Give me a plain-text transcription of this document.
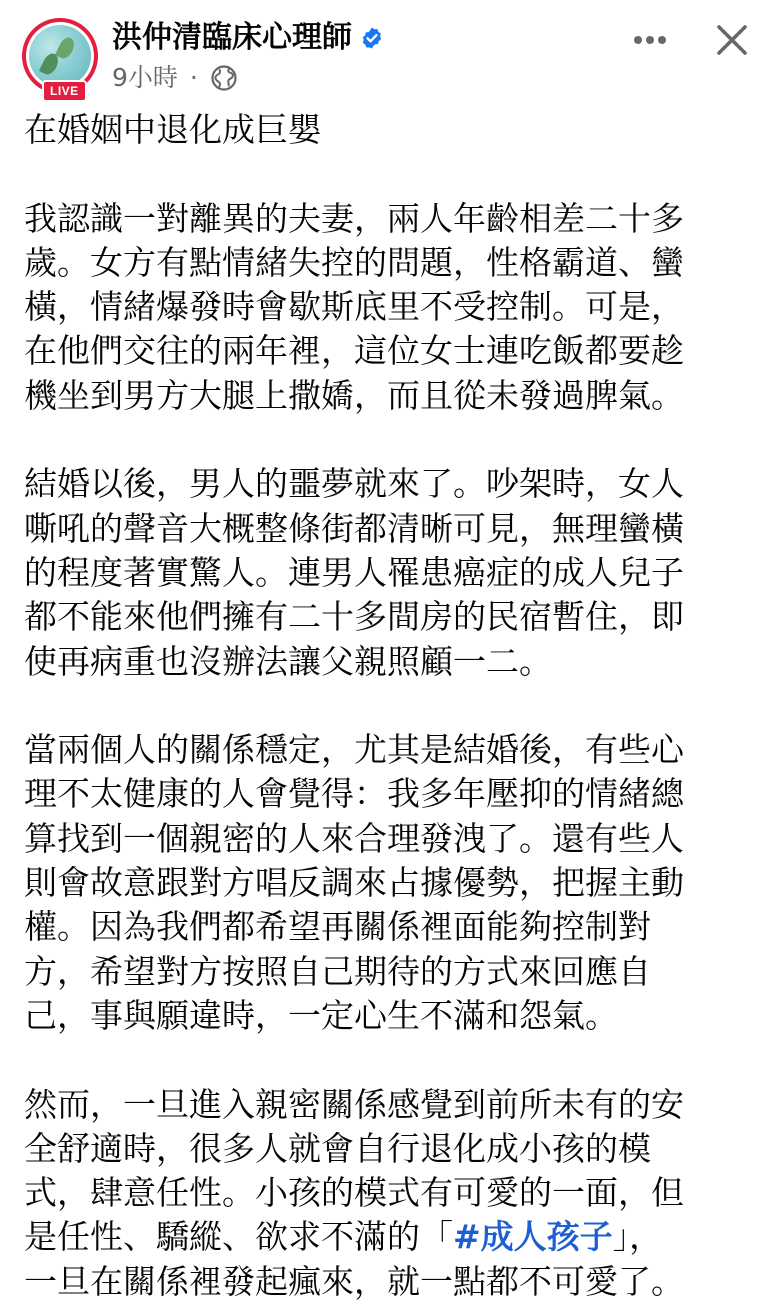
LIVE
洪仲清臨床心理師
9小時 ·

在婚姻中退化成巨嬰

我認識一對離異的夫妻，兩人年齡相差二十多
歲。女方有點情緒失控的問題，性格霸道、蠻
橫，情緒爆發時會歇斯底里不受控制。可是，
在他們交往的兩年裡，這位女士連吃飯都要趁
機坐到男方大腿上撒嬌，而且從未發過脾氣。

結婚以後，男人的噩夢就來了。吵架時，女人
嘶吼的聲音大概整條街都清晰可見，無理蠻橫
的程度著實驚人。連男人罹患癌症的成人兒子
都不能來他們擁有二十多間房的民宿暫住，即
使再病重也沒辦法讓父親照顧一二。

當兩個人的關係穩定，尤其是結婚後，有些心
理不太健康的人會覺得：我多年壓抑的情緒總
算找到一個親密的人來合理發洩了。還有些人
則會故意跟對方唱反調來占據優勢，把握主動
權。因為我們都希望再關係裡面能夠控制對
方，希望對方按照自己期待的方式來回應自
己，事與願違時，一定心生不滿和怨氣。

然而，一旦進入親密關係感覺到前所未有的安
全舒適時，很多人就會自行退化成小孩的模
式，肆意任性。小孩的模式有可愛的一面，但
是任性、驕縱、欲求不滿的「#成人孩子」，
一旦在關係裡發起瘋來，就一點都不可愛了。
